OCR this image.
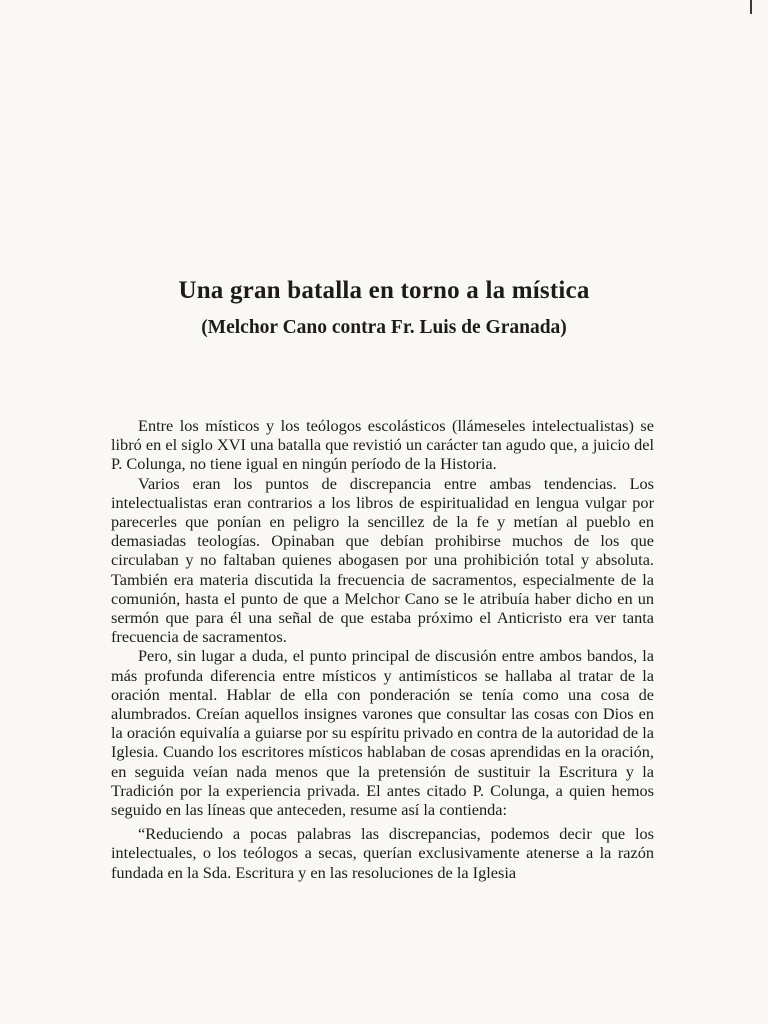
Una gran batalla en torno a la mística
(Melchor Cano contra Fr. Luis de Granada)

Entre los místicos y los teólogos escolásticos (llámeseles intelectualistas) se libró en el siglo XVI una batalla que revistió un carácter tan agudo que, a juicio del P. Colunga, no tiene igual en ningún período de la Historia.

Varios eran los puntos de discrepancia entre ambas tendencias. Los intelectualistas eran contrarios a los libros de espiritualidad en lengua vulgar por parecerles que ponían en peligro la sencillez de la fe y metían al pueblo en demasiadas teologías. Opinaban que debían prohibirse muchos de los que circulaban y no faltaban quienes abogasen por una prohibición total y absoluta. También era materia discutida la frecuencia de sacramentos, especialmente de la comunión, hasta el punto de que a Melchor Cano se le atribuía haber dicho en un sermón que para él una señal de que estaba próximo el Anticristo era ver tanta frecuencia de sacramentos.

Pero, sin lugar a duda, el punto principal de discusión entre ambos bandos, la más profunda diferencia entre místicos y antimísticos se hallaba al tratar de la oración mental. Hablar de ella con ponderación se tenía como una cosa de alumbrados. Creían aquellos insignes varones que consultar las cosas con Dios en la oración equivalía a guiarse por su espíritu privado en contra de la autoridad de la Iglesia. Cuando los escritores místicos hablaban de cosas aprendidas en la oración, en seguida veían nada menos que la pretensión de sustituir la Escritura y la Tradición por la experiencia privada. El antes citado P. Colunga, a quien hemos seguido en las líneas que anteceden, resume así la contienda:

“Reduciendo a pocas palabras las discrepancias, podemos decir que los intelectuales, o los teólogos a secas, querían exclusivamente atenerse a la razón fundada en la Sda. Escritura y en las resoluciones de la Iglesia
